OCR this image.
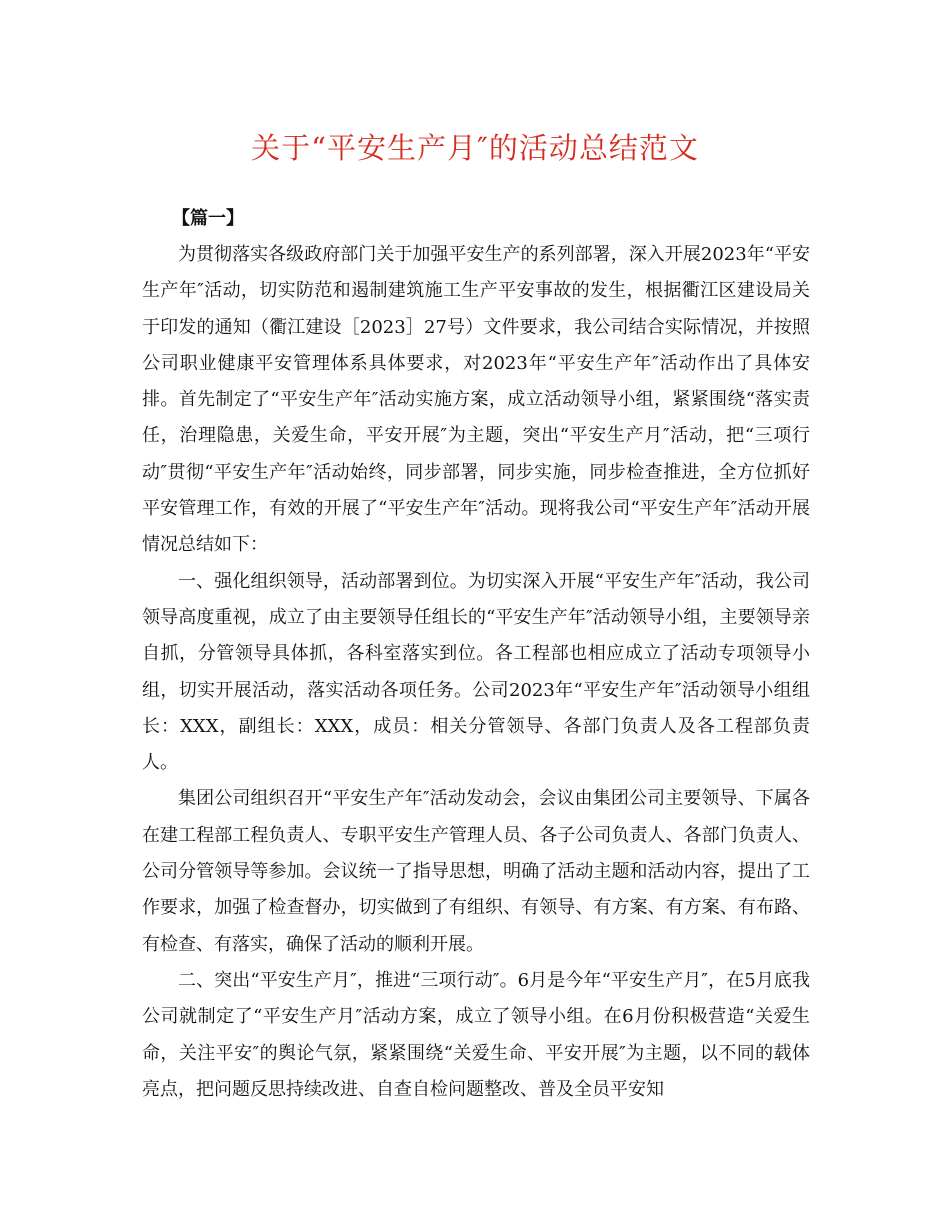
关于“平安生产月″的活动总结范文

【篇一】

为贯彻落实各级政府部门关于加强平安生产的系列部署，深入开展2023年“平安生产年″活动，切实防范和遏制建筑施工生产平安事故的发生，根据衢江区建设局关于印发的通知（衢江建设［2023］27号）文件要求，我公司结合实际情况，并按照公司职业健康平安管理体系具体要求，对2023年“平安生产年″活动作出了具体安排。首先制定了“平安生产年″活动实施方案，成立活动领导小组，紧紧围绕“落实责任，治理隐患，关爱生命，平安开展″为主题，突出“平安生产月″活动，把“三项行动″贯彻“平安生产年″活动始终，同步部署，同步实施，同步检查推进，全方位抓好平安管理工作，有效的开展了“平安生产年″活动。现将我公司“平安生产年″活动开展情况总结如下：

一、强化组织领导，活动部署到位。为切实深入开展“平安生产年″活动，我公司领导高度重视，成立了由主要领导任组长的“平安生产年″活动领导小组，主要领导亲自抓，分管领导具体抓，各科室落实到位。各工程部也相应成立了活动专项领导小组，切实开展活动，落实活动各项任务。公司2023年“平安生产年″活动领导小组组长：XXX，副组长：XXX，成员：相关分管领导、各部门负责人及各工程部负责人。

集团公司组织召开“平安生产年″活动发动会，会议由集团公司主要领导、下属各在建工程部工程负责人、专职平安生产管理人员、各子公司负责人、各部门负责人、公司分管领导等参加。会议统一了指导思想，明确了活动主题和活动内容，提出了工作要求，加强了检查督办，切实做到了有组织、有领导、有方案、有方案、有布路、有检查、有落实，确保了活动的顺利开展。

二、突出“平安生产月″，推进“三项行动″。6月是今年“平安生产月″，在5月底我公司就制定了“平安生产月″活动方案，成立了领导小组。在6月份积极营造“关爱生命，关注平安″的舆论气氛，紧紧围绕“关爱生命、平安开展″为主题，以不同的载体亮点，把问题反思持续改进、自查自检问题整改、普及全员平安知
